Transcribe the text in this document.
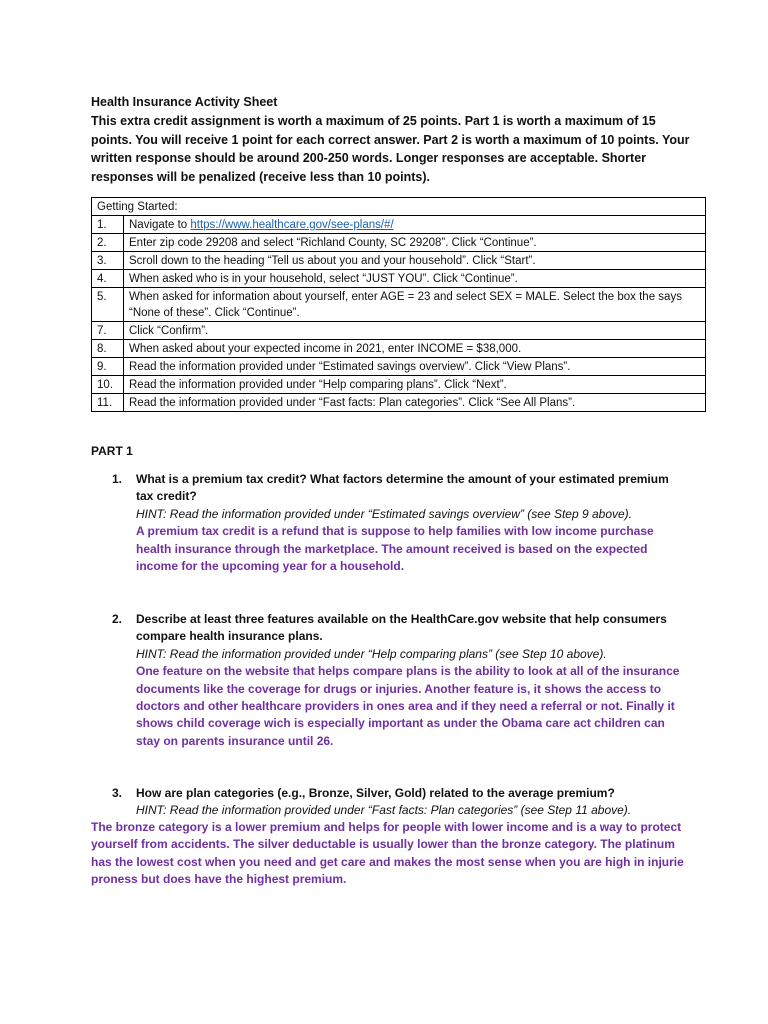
Health Insurance Activity Sheet
This extra credit assignment is worth a maximum of 25 points. Part 1 is worth a maximum of 15 points. You will receive 1 point for each correct answer. Part 2 is worth a maximum of 10 points. Your written response should be around 200-250 words. Longer responses are acceptable. Shorter responses will be penalized (receive less than 10 points).
Getting Started:	
1.	Navigate to https://www.healthcare.gov/see-plans/#/
2.	Enter zip code 29208 and select “Richland County, SC 29208”. Click “Continue”.
3.	Scroll down to the heading “Tell us about you and your household”. Click “Start”.
4.	When asked who is in your household, select “JUST YOU”. Click “Continue”.
5.	When asked for information about yourself, enter AGE = 23 and select SEX = MALE. Select the box the says “None of these”. Click “Continue”.
7.	Click “Confirm”.
8.	When asked about your expected income in 2021, enter INCOME = $38,000.
9.	Read the information provided under “Estimated savings overview”. Click “View Plans”.
10.	Read the information provided under “Help comparing plans”. Click “Next”.
11.	Read the information provided under “Fast facts: Plan categories”. Click “See All Plans”.
PART 1
1. What is a premium tax credit? What factors determine the amount of your estimated premium tax credit?
HINT: Read the information provided under “Estimated savings overview” (see Step 9 above).
A premium tax credit is a refund that is suppose to help families with low income purchase health insurance through the marketplace. The amount received is based on the expected income for the upcoming year for a household.
2. Describe at least three features available on the HealthCare.gov website that help consumers compare health insurance plans.
HINT: Read the information provided under “Help comparing plans” (see Step 10 above).
One feature on the website that helps compare plans is the ability to look at all of the insurance documents like the coverage for drugs or injuries. Another feature is, it shows the access to doctors and other healthcare providers in ones area and if they need a referral or not. Finally it shows child coverage wich is especially important as under the Obama care act children can stay on parents insurance until 26.
3. How are plan categories (e.g., Bronze, Silver, Gold) related to the average premium?
HINT: Read the information provided under “Fast facts: Plan categories” (see Step 11 above).
The bronze category is a lower premium and helps for people with lower income and is a way to protect yourself from accidents. The silver deductable is usually lower than the bronze category. The platinum has the lowest cost when you need and get care and makes the most sense when you are high in injurie proness but does have the highest premium.
